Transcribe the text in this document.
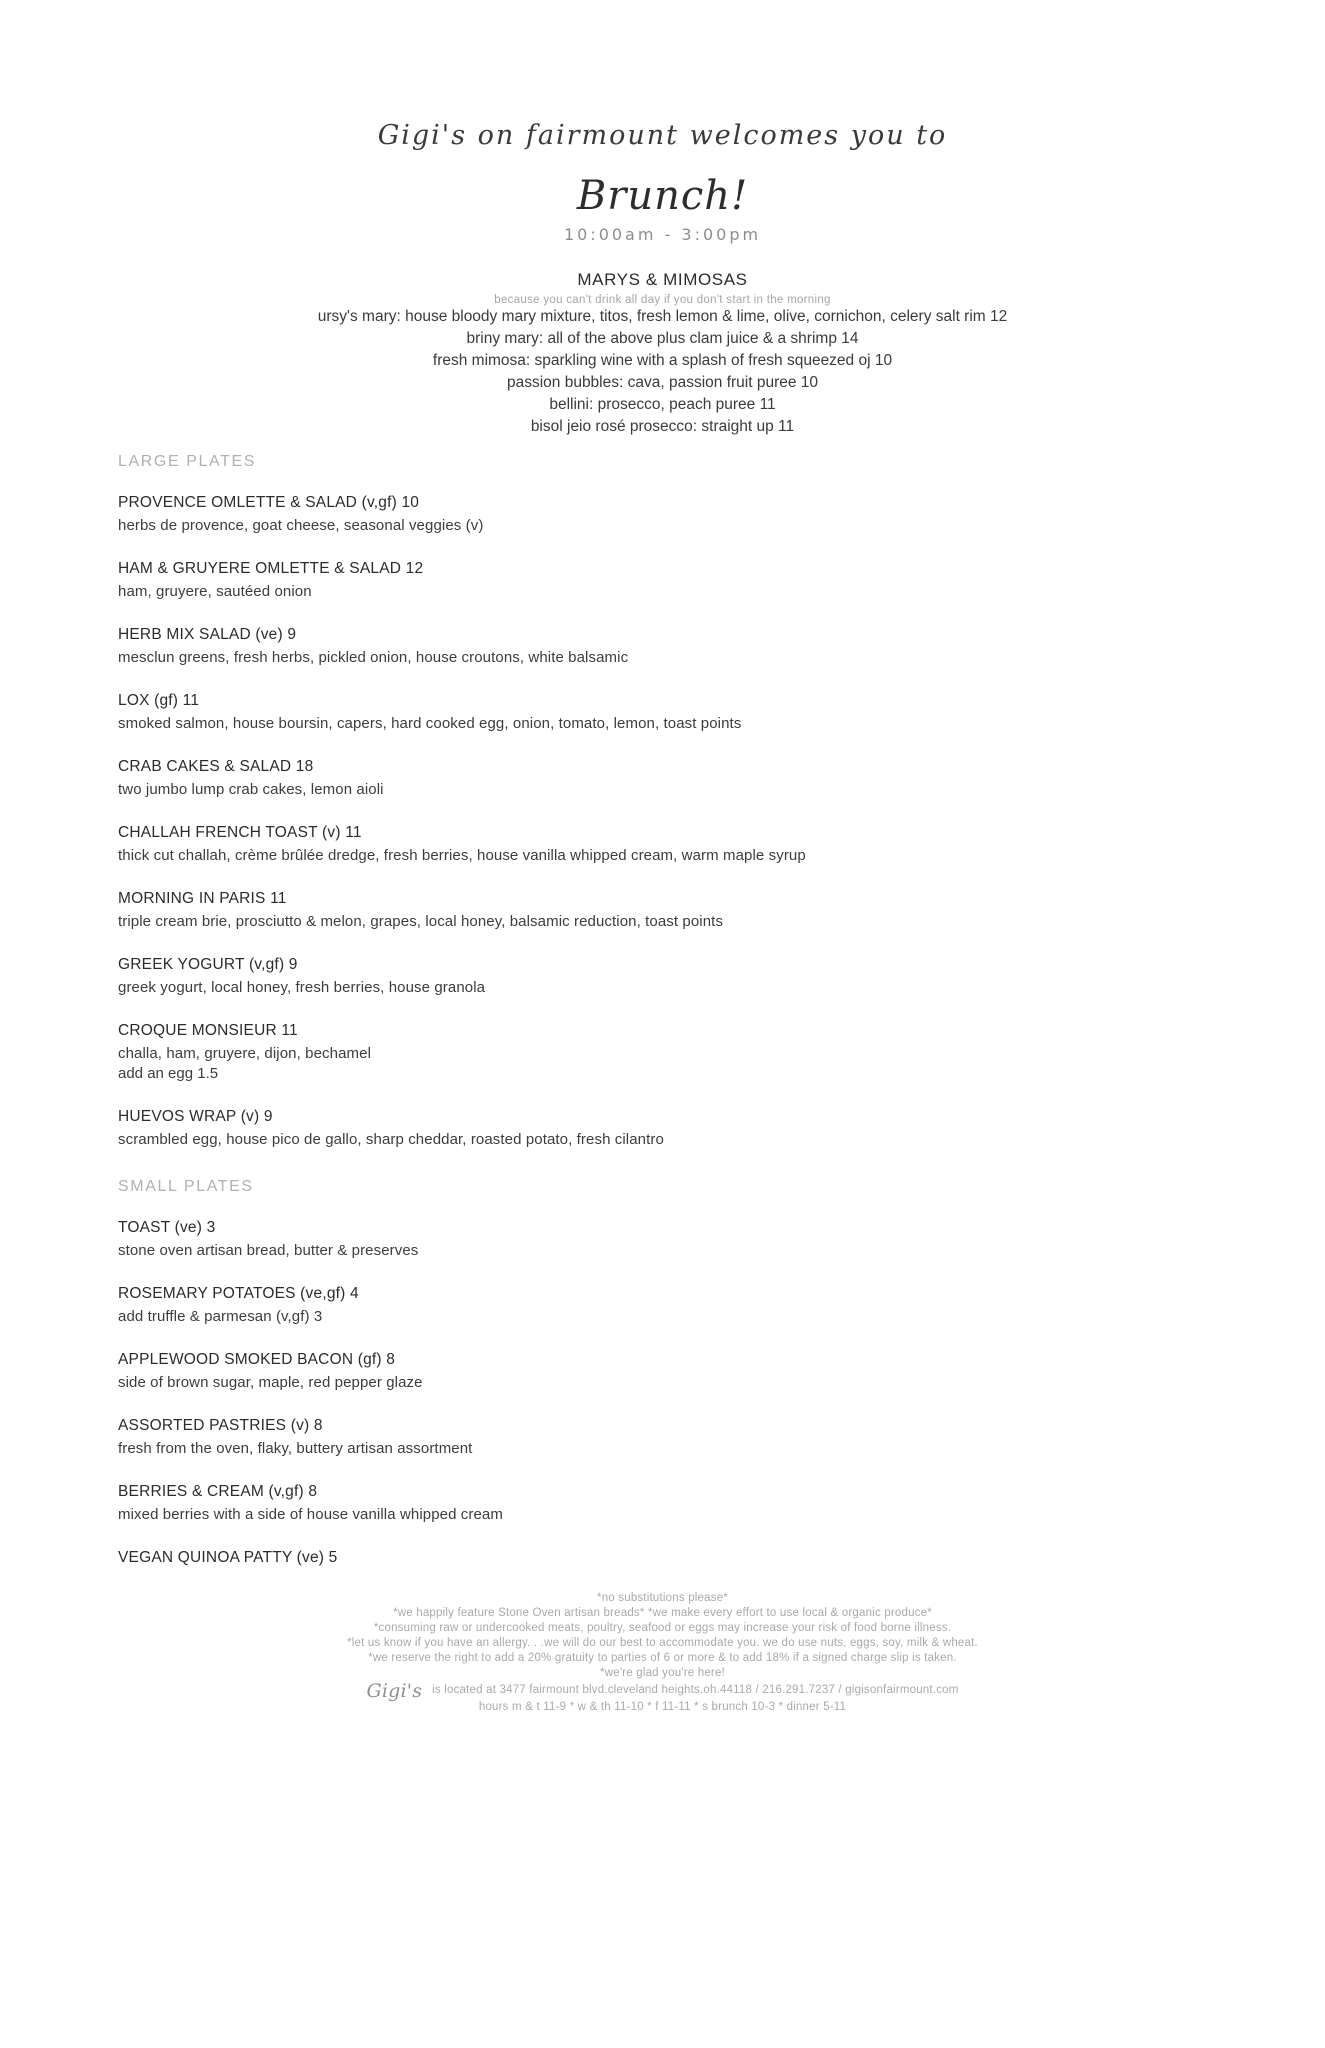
Gigi's on fairmount welcomes you to
Brunch!
10:00am - 3:00pm
MARYS & MIMOSAS
because you can't drink all day if you don't start in the morning
ursy's mary: house bloody mary mixture, titos, fresh lemon & lime, olive, cornichon, celery salt rim 12
briny mary: all of the above plus clam juice & a shrimp 14
fresh mimosa: sparkling wine with a splash of fresh squeezed oj 10
passion bubbles: cava, passion fruit puree 10
bellini: prosecco, peach puree 11
bisol jeio rosé prosecco: straight up 11
LARGE PLATES
PROVENCE OMLETTE & SALAD (v,gf) 10
herbs de provence, goat cheese, seasonal veggies (v)
HAM & GRUYERE OMLETTE & SALAD 12
ham, gruyere, sautéed onion
HERB MIX SALAD (ve) 9
mesclun greens, fresh herbs, pickled onion, house croutons, white balsamic
LOX (gf) 11
smoked salmon, house boursin, capers, hard cooked egg, onion, tomato, lemon, toast points
CRAB CAKES & SALAD 18
two jumbo lump crab cakes, lemon aioli
CHALLAH FRENCH TOAST (v) 11
thick cut challah, crème brûlée dredge, fresh berries, house vanilla whipped cream, warm maple syrup
MORNING IN PARIS 11
triple cream brie, prosciutto & melon, grapes, local honey, balsamic reduction, toast points
GREEK YOGURT (v,gf) 9
greek yogurt, local honey, fresh berries, house granola
CROQUE MONSIEUR 11
challa, ham, gruyere, dijon, bechamel
add an egg 1.5
HUEVOS WRAP (v) 9
scrambled egg, house pico de gallo, sharp cheddar, roasted potato, fresh cilantro
SMALL PLATES
TOAST (ve) 3
stone oven artisan bread, butter & preserves
ROSEMARY POTATOES (ve,gf) 4
add truffle & parmesan (v,gf) 3
APPLEWOOD SMOKED BACON (gf) 8
side of brown sugar, maple, red pepper glaze
ASSORTED PASTRIES (v) 8
fresh from the oven, flaky, buttery artisan assortment
BERRIES & CREAM (v,gf) 8
mixed berries with a side of house vanilla whipped cream
VEGAN QUINOA PATTY (ve) 5
*no substitutions please*
*we happily feature Stone Oven artisan breads* *we make every effort to use local & organic produce*
*consuming raw or undercooked meats, poultry, seafood or eggs may increase your risk of food borne illness.
*let us know if you have an allergy. . .we will do our best to accommodate you. we do use nuts, eggs, soy, milk & wheat.
*we reserve the right to add a 20% gratuity to parties of 6 or more & to add 18% if a signed charge slip is taken.
*we're glad you're here!
Gigi's is located at 3477 fairmount blvd.cleveland heights.oh.44118 / 216.291.7237 / gigisonfairmount.com
hours m & t 11-9 * w & th 11-10 * f 11-11 * s brunch 10-3 * dinner 5-11
